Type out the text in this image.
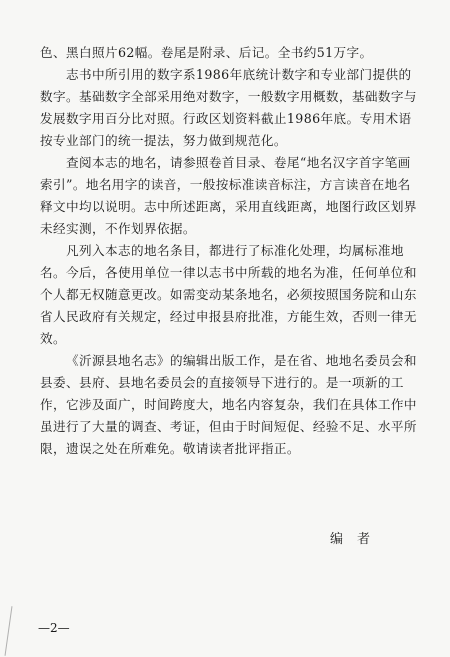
色、黑白照片62幅。卷尾是附录、后记。全书约51万字。
志书中所引用的数字系1986年底统计数字和专业部门提供的
数字。基础数字全部采用绝对数字，一般数字用概数，基础数字与
发展数字用百分比对照。行政区划资料截止1986年底。专用术语
按专业部门的统一提法，努力做到规范化。
查阅本志的地名，请参照卷首目录、卷尾“地名汉字首字笔画
索引”。地名用字的读音，一般按标准读音标注，方言读音在地名
释文中均以说明。志中所述距离，采用直线距离，地图行政区划界
未经实测，不作划界依据。
凡列入本志的地名条目，都进行了标准化处理，均属标准地
名。今后，各使用单位一律以志书中所载的地名为准，任何单位和
个人都无权随意更改。如需变动某条地名，必须按照国务院和山东
省人民政府有关规定，经过申报县府批准，方能生效，否则一律无
效。
《沂源县地名志》的编辑出版工作，是在省、地地名委员会和
县委、县府、县地名委员会的直接领导下进行的。是一项新的工
作，它涉及面广，时间跨度大，地名内容复杂，我们在具体工作中
虽进行了大量的调查、考证，但由于时间短促、经验不足、水平所
限，遗误之处在所难免。敬请读者批评指正。
编者
—2—
